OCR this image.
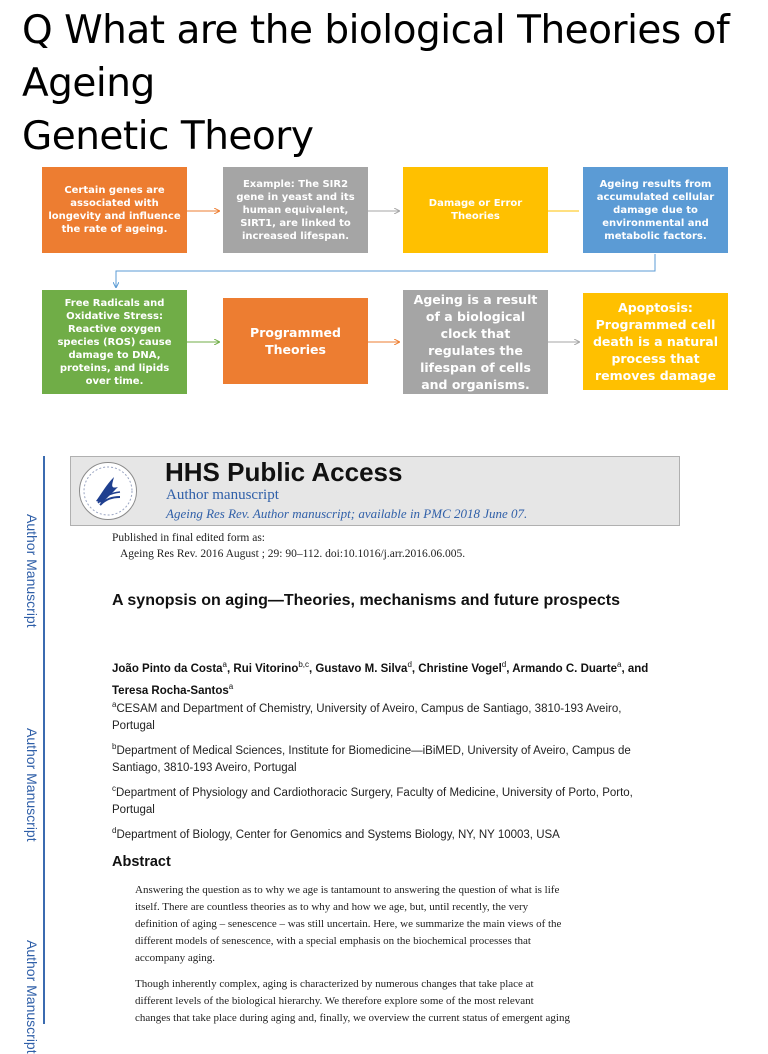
Q What are the biological Theories of
Ageing
Genetic Theory
Certain genes are associated with longevity and influence the rate of ageing.
Example: The SIR2 gene in yeast and its human equivalent, SIRT1, are linked to increased lifespan.
Damage or Error Theories
Ageing results from accumulated cellular damage due to environmental and metabolic factors.
Free Radicals and Oxidative Stress: Reactive oxygen species (ROS) cause damage to DNA, proteins, and lipids over time.
Programmed Theories
Ageing is a result of a biological clock that regulates the lifespan of cells and organisms.
Apoptosis: Programmed cell death is a natural process that removes damage
Author Manuscript
Author Manuscript
Author Manuscript
HHS Public Access
Author manuscript
Ageing Res Rev. Author manuscript; available in PMC 2018 June 07.
Published in final edited form as:
Ageing Res Rev. 2016 August ; 29: 90–112. doi:10.1016/j.arr.2016.06.005.
A synopsis on aging—Theories, mechanisms and future prospects
João Pinto da Costa$^a$, Rui Vitorino$^{b,c}$, Gustavo M. Silva$^d$, Christine Vogel$^d$, Armando C. Duarte$^a$, and Teresa Rocha-Santos$^a$
$^a$CESAM and Department of Chemistry, University of Aveiro, Campus de Santiago, 3810-193 Aveiro, Portugal
$^b$Department of Medical Sciences, Institute for Biomedicine—iBiMED, University of Aveiro, Campus de Santiago, 3810-193 Aveiro, Portugal
$^c$Department of Physiology and Cardiothoracic Surgery, Faculty of Medicine, University of Porto, Porto, Portugal
$^d$Department of Biology, Center for Genomics and Systems Biology, NY, NY 10003, USA
Abstract
Answering the question as to why we age is tantamount to answering the question of what is life
itself. There are countless theories as to why and how we age, but, until recently, the very
definition of aging – senescence – was still uncertain. Here, we summarize the main views of the
different models of senescence, with a special emphasis on the biochemical processes that
accompany aging.
Though inherently complex, aging is characterized by numerous changes that take place at
different levels of the biological hierarchy. We therefore explore some of the most relevant
changes that take place during aging and, finally, we overview the current status of emergent aging
